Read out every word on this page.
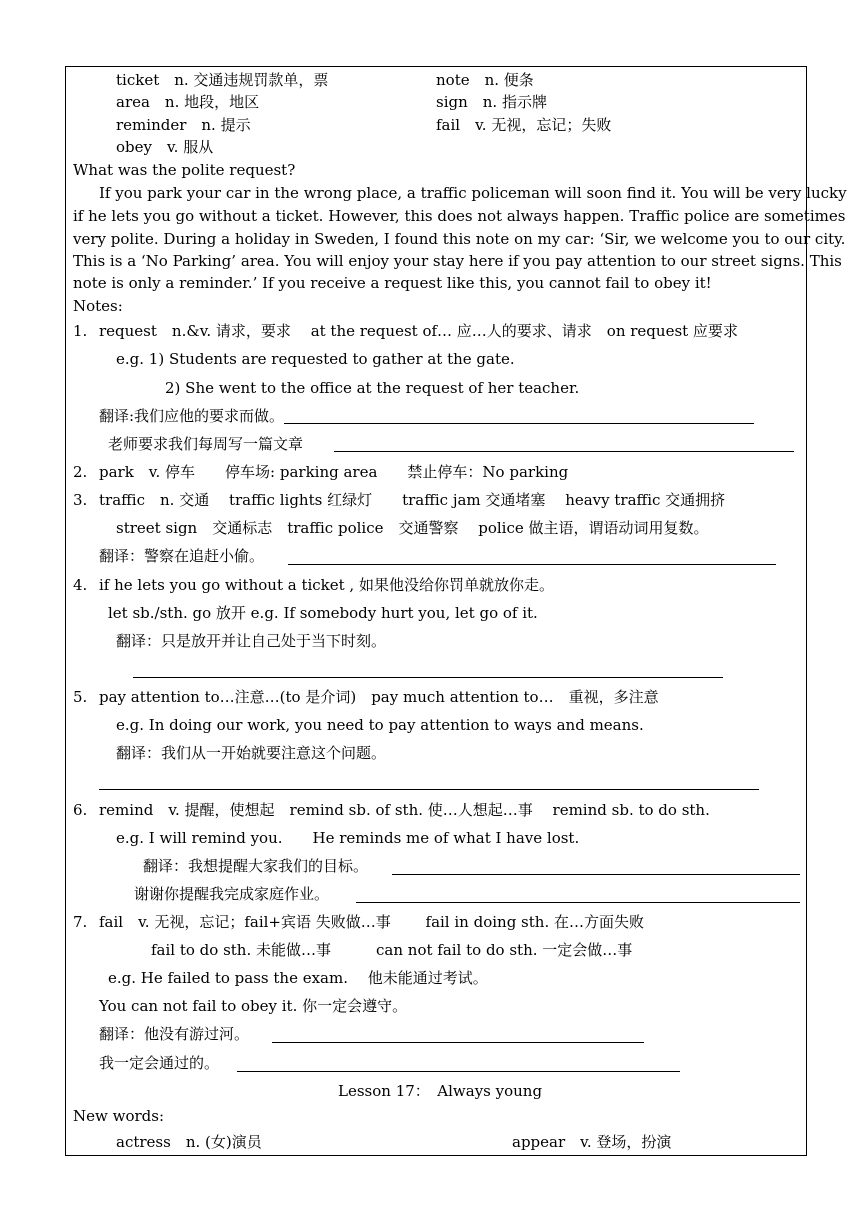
ticket　n. 交通违规罚款单，票	note　n. 便条
area　n. 地段，地区	sign　n. 指示牌
reminder　n. 提示	fail　v. 无视，忘记；失败
obey　v. 服从
What was the polite request?
If you park your car in the wrong place, a traffic policeman will soon find it. You will be very lucky
if he lets you go without a ticket. However, this does not always happen. Traffic police are sometimes
very polite. During a holiday in Sweden, I found this note on my car: ‘Sir, we welcome you to our city.
This is a ‘No Parking’ area. You will enjoy your stay here if you pay attention to our street signs. This
note is only a reminder.’ If you receive a request like this, you cannot fail to obey it!
Notes:
1. request　n.&v. 请求，要求　 at the request of… 应…人的要求、请求　on request 应要求
e.g. 1) Students are requested to gather at the gate.
2) She went to the office at the request of her teacher.
翻译:我们应他的要求而做。
老师要求我们每周写一篇文章
2. park　v. 停车　　停车场: parking area　　禁止停车：No parking
3. traffic　n. 交通　 traffic lights 红绿灯　　traffic jam 交通堵塞　 heavy traffic 交通拥挤
street sign　交通标志　traffic police　交通警察　 police 做主语，谓语动词用复数。
翻译：警察在追赶小偷。
4. if he lets you go without a ticket , 如果他没给你罚单就放你走。
let sb./sth. go 放开 e.g. If somebody hurt you, let go of it.
翻译：只是放开并让自己处于当下时刻。
5. pay attention to…注意…(to 是介词)　pay much attention to…　重视，多注意
e.g. In doing our work, you need to pay attention to ways and means.
翻译：我们从一开始就要注意这个问题。
6. remind　v. 提醒，使想起　remind sb. of sth. 使…人想起…事　 remind sb. to do sth.
e.g. I will remind you.　　He reminds me of what I have lost.
翻译：我想提醒大家我们的目标。
谢谢你提醒我完成家庭作业。
7. fail　v. 无视，忘记；fail+宾语 失败做…事　　 fail in doing sth. 在…方面失败
fail to do sth. 未能做…事　　　can not fail to do sth. 一定会做…事
e.g. He failed to pass the exam.　 他未能通过考试。
You can not fail to obey it. 你一定会遵守。
翻译：他没有游过河。
我一定会通过的。
Lesson 17：　Always young
New words:
actress　n. (女)演员	appear　v. 登场，扮演
